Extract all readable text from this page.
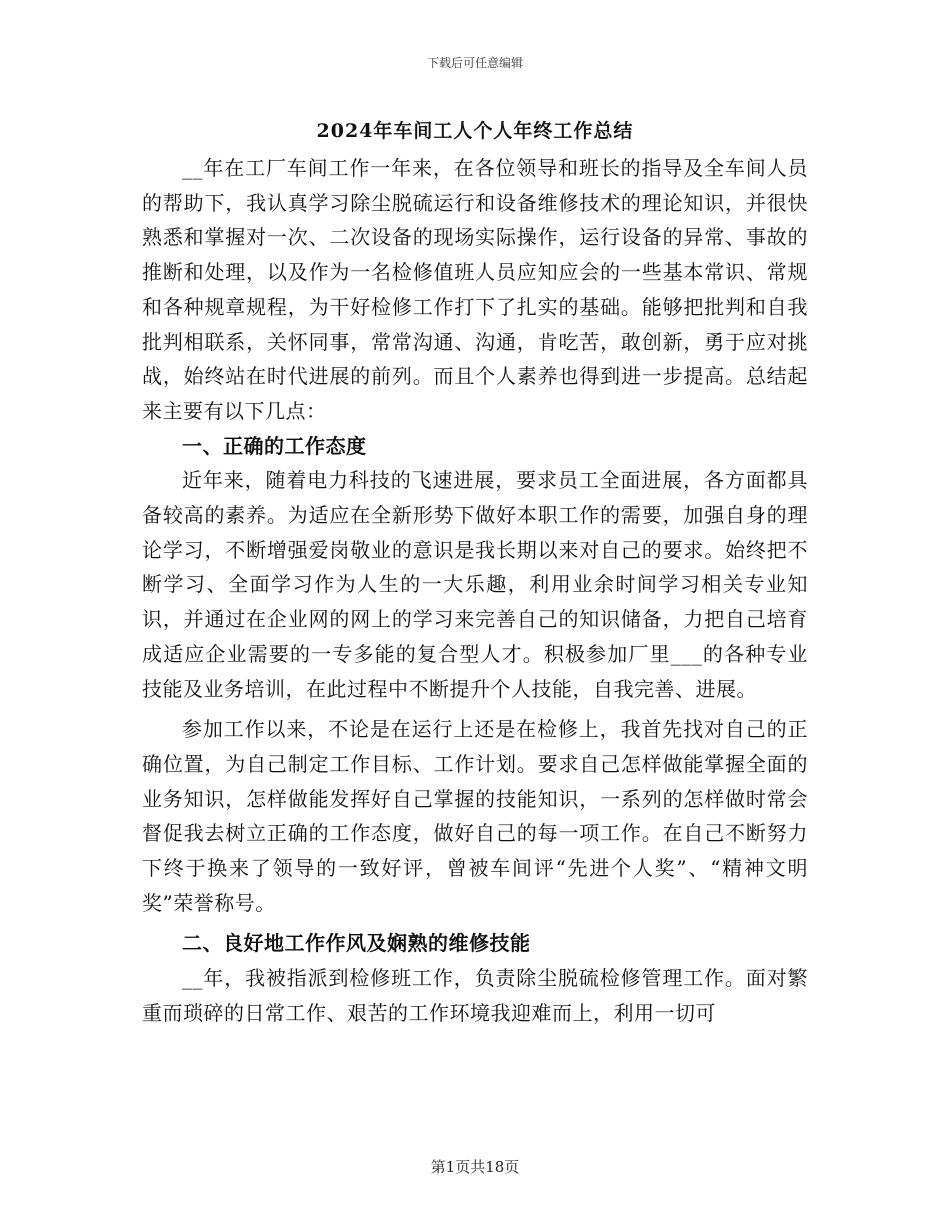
下载后可任意编辑
2024年车间工人个人年终工作总结

__年在工厂车间工作一年来，在各位领导和班长的指导及全车间人员的帮助下，我认真学习除尘脱硫运行和设备维修技术的理论知识，并很快熟悉和掌握对一次、二次设备的现场实际操作，运行设备的异常、事故的推断和处理，以及作为一名检修值班人员应知应会的一些基本常识、常规和各种规章规程，为干好检修工作打下了扎实的基础。能够把批判和自我批判相联系，关怀同事，常常沟通、沟通，肯吃苦，敢创新，勇于应对挑战，始终站在时代进展的前列。而且个人素养也得到进一步提高。总结起来主要有以下几点：

一、正确的工作态度

近年来，随着电力科技的飞速进展，要求员工全面进展，各方面都具备较高的素养。为适应在全新形势下做好本职工作的需要，加强自身的理论学习，不断增强爱岗敬业的意识是我长期以来对自己的要求。始终把不断学习、全面学习作为人生的一大乐趣，利用业余时间学习相关专业知识，并通过在企业网的网上的学习来完善自己的知识储备，力把自己培育成适应企业需要的一专多能的复合型人才。积极参加厂里___的各种专业技能及业务培训，在此过程中不断提升个人技能，自我完善、进展。

参加工作以来，不论是在运行上还是在检修上，我首先找对自己的正确位置，为自己制定工作目标、工作计划。要求自己怎样做能掌握全面的业务知识，怎样做能发挥好自己掌握的技能知识，一系列的怎样做时常会督促我去树立正确的工作态度，做好自己的每一项工作。在自己不断努力下终于换来了领导的一致好评，曾被车间评“先进个人奖”、“精神文明奖”荣誉称号。

二、良好地工作作风及娴熟的维修技能

__年，我被指派到检修班工作，负责除尘脱硫检修管理工作。面对繁重而琐碎的日常工作、艰苦的工作环境我迎难而上，利用一切可

第1页共18页
